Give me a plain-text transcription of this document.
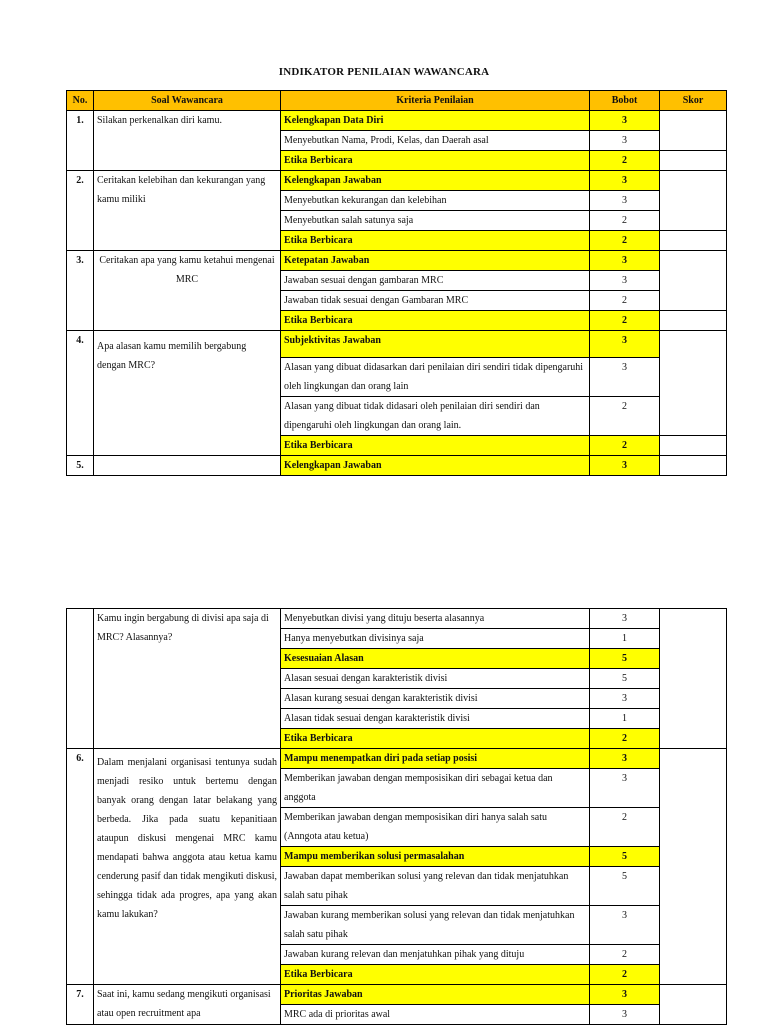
INDIKATOR PENILAIAN WAWANCARA
No.	Soal Wawancara	Kriteria Penilaian	Bobot	Skor
1.	Silakan perkenalkan diri kamu.	Kelengkapan Data Diri	3	
		Menyebutkan Nama, Prodi, Kelas, dan Daerah asal	3	
		Etika Berbicara	2	
2.	Ceritakan kelebihan dan kekurangan yang kamu miliki	Kelengkapan Jawaban	3	
		Menyebutkan kekurangan dan kelebihan	3	
		Menyebutkan salah satunya saja	2	
		Etika Berbicara	2	
3.	Ceritakan apa yang kamu ketahui mengenai MRC	Ketepatan Jawaban	3	
		Jawaban sesuai dengan gambaran MRC	3	
		Jawaban tidak sesuai dengan Gambaran MRC	2	
		Etika Berbicara	2	
4.	Apa alasan kamu memilih bergabung dengan MRC?	Subjektivitas Jawaban	3	
		Alasan yang dibuat didasarkan dari penilaian diri sendiri tidak dipengaruhi oleh lingkungan dan orang lain	3	
		Alasan yang dibuat tidak didasari oleh penilaian diri sendiri dan dipengaruhi oleh lingkungan dan orang lain.	2	
		Etika Berbicara	2	
5.		Kelengkapan Jawaban	3	
	Kamu ingin bergabung di divisi apa saja di MRC? Alasannya?	Menyebutkan divisi yang dituju beserta alasannya	3	
		Hanya menyebutkan divisinya saja	1	
		Kesesuaian Alasan	5	
		Alasan sesuai dengan karakteristik divisi	5	
		Alasan kurang sesuai dengan karakteristik divisi	3	
		Alasan tidak sesuai dengan karakteristik divisi	1	
		Etika Berbicara	2	
6.	Dalam menjalani organisasi tentunya sudah menjadi resiko untuk bertemu dengan banyak orang dengan latar belakang yang berbeda. Jika pada suatu kepanitiaan ataupun diskusi mengenai MRC kamu mendapati bahwa anggota atau ketua kamu cenderung pasif dan tidak mengikuti diskusi, sehingga tidak ada progres, apa yang akan kamu lakukan?	Mampu menempatkan diri pada setiap posisi	3	
		Memberikan jawaban dengan memposisikan diri sebagai ketua dan anggota	3	
		Memberikan jawaban dengan memposisikan diri hanya salah satu (Anngota atau ketua)	2	
		Mampu memberikan solusi permasalahan	5	
		Jawaban dapat memberikan solusi yang relevan dan tidak menjatuhkan salah satu pihak	5	
		Jawaban kurang memberikan solusi yang relevan dan tidak menjatuhkan salah satu pihak	3	
		Jawaban kurang relevan dan menjatuhkan pihak yang dituju	2	
		Etika Berbicara	2	
7.	Saat ini, kamu sedang mengikuti organisasi atau open recruitment apa	Prioritas Jawaban	3	
		MRC ada di prioritas awal	3	
